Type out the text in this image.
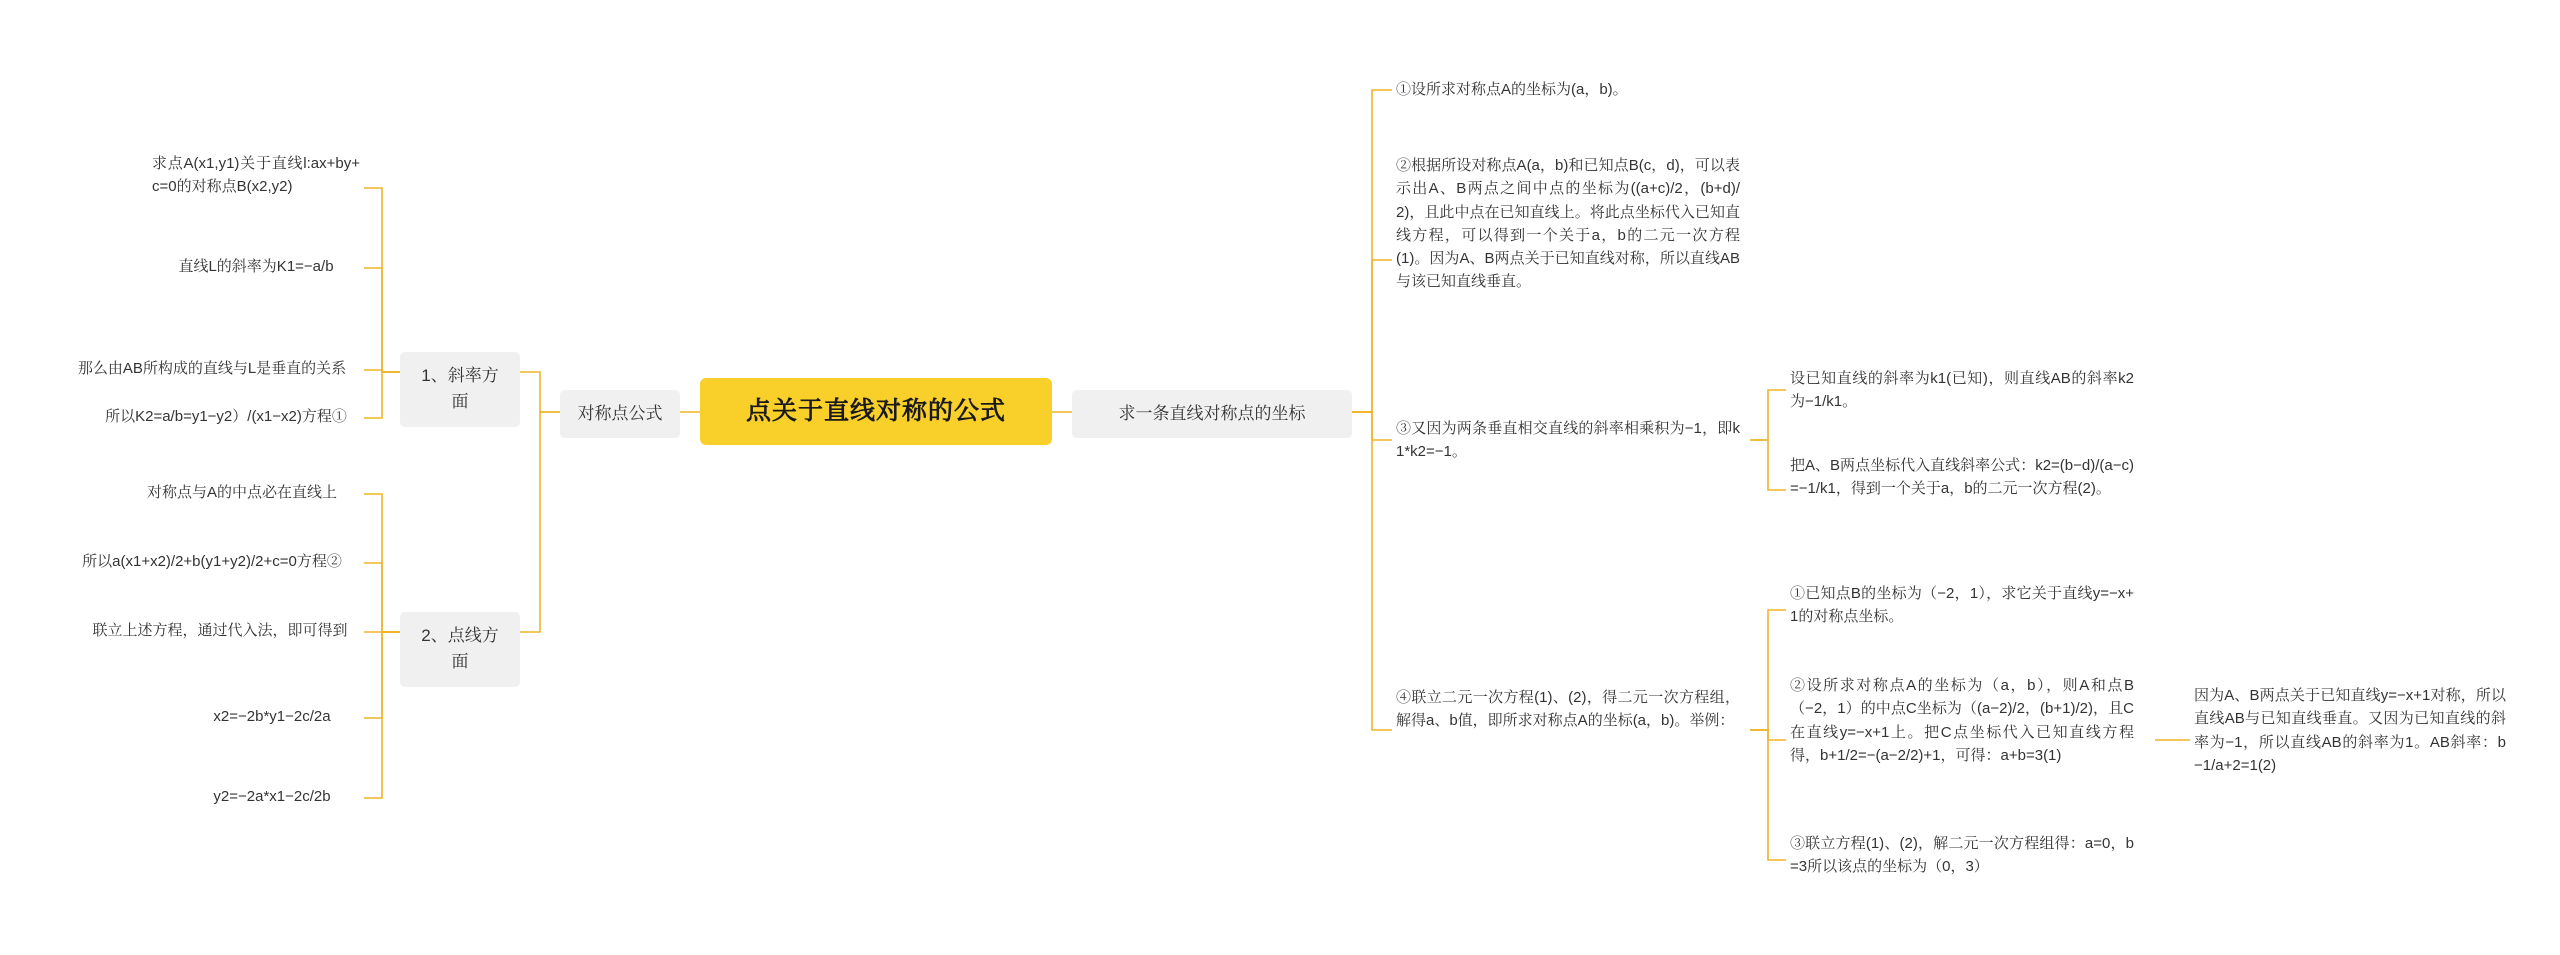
点关于直线对称的公式
对称点公式
1、斜率方面
求点A(x1,y1)关于直线l:ax+by+c=0的对称点B(x2,y2)
直线L的斜率为K1=−a/b
那么由AB所构成的直线与L是垂直的关系
所以K2=a/b=y1−y2）/(x1−x2)方程①
2、点线方面
对称点与A的中点必在直线上
所以a(x1+x2)/2+b(y1+y2)/2+c=0方程②
联立上述方程，通过代入法，即可得到
x2=−2b*y1−2c/2a
y2=−2a*x1−2c/2b
求一条直线对称点的坐标
①设所求对称点A的坐标为(a，b)。
②根据所设对称点A(a，b)和已知点B(c，d)，可以表示出A、B两点之间中点的坐标为((a+c)/2，(b+d)/2)，且此中点在已知直线上。将此点坐标代入已知直线方程，可以得到一个关于a，b的二元一次方程(1)。因为A、B两点关于已知直线对称，所以直线AB与该已知直线垂直。
③又因为两条垂直相交直线的斜率相乘积为−1，即k1*k2=−1。
设已知直线的斜率为k1(已知)，则直线AB的斜率k2为−1/k1。
把A、B两点坐标代入直线斜率公式：k2=(b−d)/(a−c)=−1/k1，得到一个关于a，b的二元一次方程(2)。
④联立二元一次方程(1)、(2)，得二元一次方程组，解得a、b值，即所求对称点A的坐标(a，b)。举例：
①已知点B的坐标为（−2，1），求它关于直线y=−x+1的对称点坐标。
②设所求对称点A的坐标为（a，b），则A和点B（−2，1）的中点C坐标为（(a−2)/2，(b+1)/2)，且C在直线y=−x+1上。把C点坐标代入已知直线方程得，b+1/2=−(a−2/2)+1，可得：a+b=3(1)
③联立方程(1)、(2)，解二元一次方程组得：a=0，b=3所以该点的坐标为（0，3）
因为A、B两点关于已知直线y=−x+1对称，所以直线AB与已知直线垂直。又因为已知直线的斜率为−1，所以直线AB的斜率为1。AB斜率：b−1/a+2=1(2)
